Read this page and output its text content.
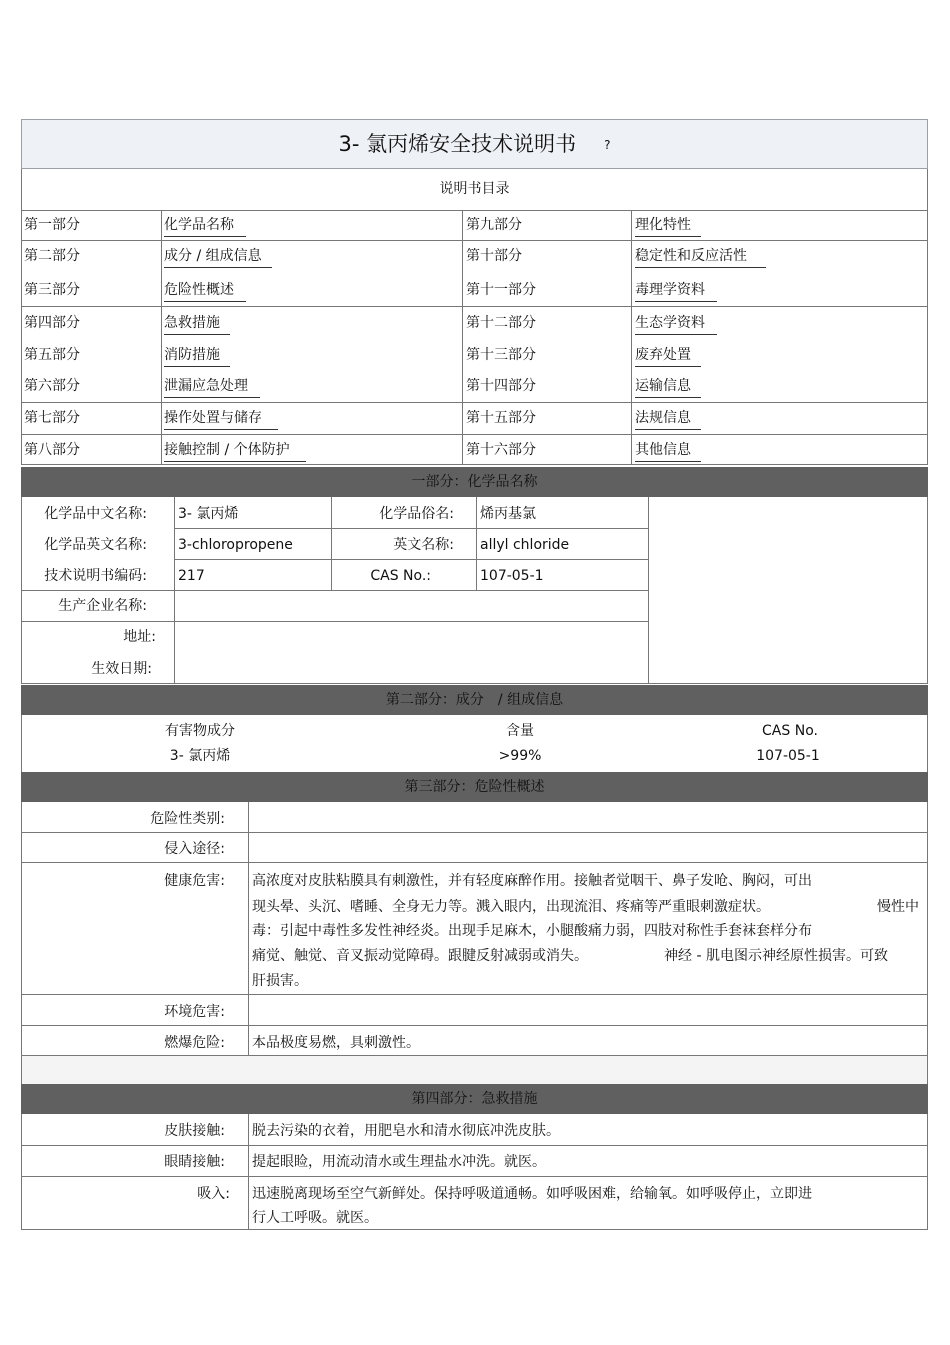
3- 氯丙烯安全技术说明书 ?
说明书目录
第一部分	化学品名称	第九部分	理化特性
第二部分	成分 / 组成信息	第十部分	稳定性和反应活性
第三部分	危险性概述	第十一部分	毒理学资料
第四部分	急救措施	第十二部分	生态学资料
第五部分	消防措施	第十三部分	废弃处置
第六部分	泄漏应急处理	第十四部分	运输信息
第七部分	操作处置与储存	第十五部分	法规信息
第八部分	接触控制 / 个体防护	第十六部分	其他信息
一部分：化学品名称
化学品中文名称: 3- 氯丙烯	化学品俗名: 烯丙基氯
化学品英文名称: 3-chloropropene	英文名称: allyl chloride
技术说明书编码: 217	CAS No.:	107-05-1
生产企业名称:
地址:
生效日期:
第二部分：成分　/ 组成信息
有害物成分	含量	CAS No.
3- 氯丙烯	>99%	107-05-1
第三部分：危险性概述
危险性类别:
侵入途径:
健康危害: 高浓度对皮肤粘膜具有刺激性，并有轻度麻醉作用。接触者觉咽干、鼻子发呛、胸闷，可出
现头晕、头沉、嗜睡、全身无力等。溅入眼内，出现流泪、疼痛等严重眼刺激症状。	慢性中
毒：引起中毒性多发性神经炎。出现手足麻木，小腿酸痛力弱，四肢对称性手套袜套样分布
痛觉、触觉、音叉振动觉障碍。跟腱反射减弱或消失。	神经 - 肌电图示神经原性损害。可致
肝损害。
环境危害:
燃爆危险: 本品极度易燃，具刺激性。
第四部分：急救措施
皮肤接触: 脱去污染的衣着，用肥皂水和清水彻底冲洗皮肤。
眼睛接触: 提起眼睑，用流动清水或生理盐水冲洗。就医。
吸入: 迅速脱离现场至空气新鲜处。保持呼吸道通畅。如呼吸困难，给输氧。如呼吸停止，立即进
行人工呼吸。就医。
